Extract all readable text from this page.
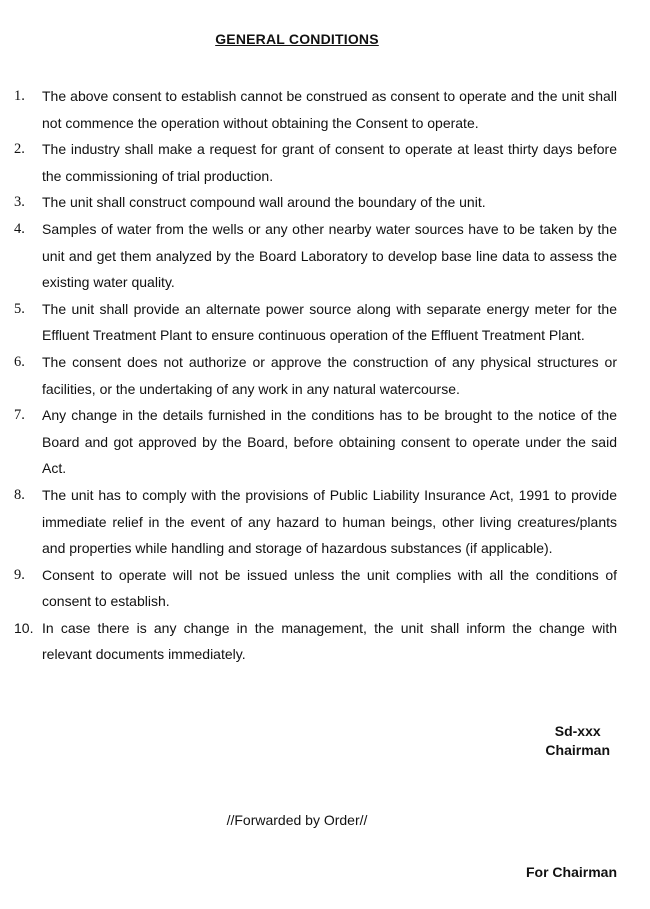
GENERAL CONDITIONS
1.	The above consent to establish cannot be construed as consent to operate and the unit shall not commence the operation without obtaining the Consent to operate.
2.	The industry shall make a request for grant of consent to operate at least thirty days before the commissioning of trial production.
3.	The unit shall construct compound wall around the boundary of the unit.
4.	Samples of water from the wells or any other nearby water sources have to be taken by the unit and get them analyzed by the Board Laboratory to develop base line data to assess the existing water quality.
5.	The unit shall provide an alternate power source along with separate energy meter for the Effluent Treatment Plant to ensure continuous operation of the Effluent Treatment Plant.
6.	The consent does not authorize or approve the construction of any physical structures or facilities, or the undertaking of any work in any natural watercourse.
7.	Any change in the details furnished in the conditions has to be brought to the notice of the Board and got approved by the Board, before obtaining consent to operate under the said Act.
8.	The unit has to comply with the provisions of Public Liability Insurance Act, 1991 to provide immediate relief in the event of any hazard to human beings, other living creatures/plants and properties while handling and storage of hazardous substances (if applicable).
9.	Consent to operate will not be issued unless the unit complies with all the conditions of consent to establish.
10. In case there is any change in the management, the unit shall inform the change with relevant documents immediately.
Sd-xxx
Chairman
//Forwarded by Order//
For Chairman
